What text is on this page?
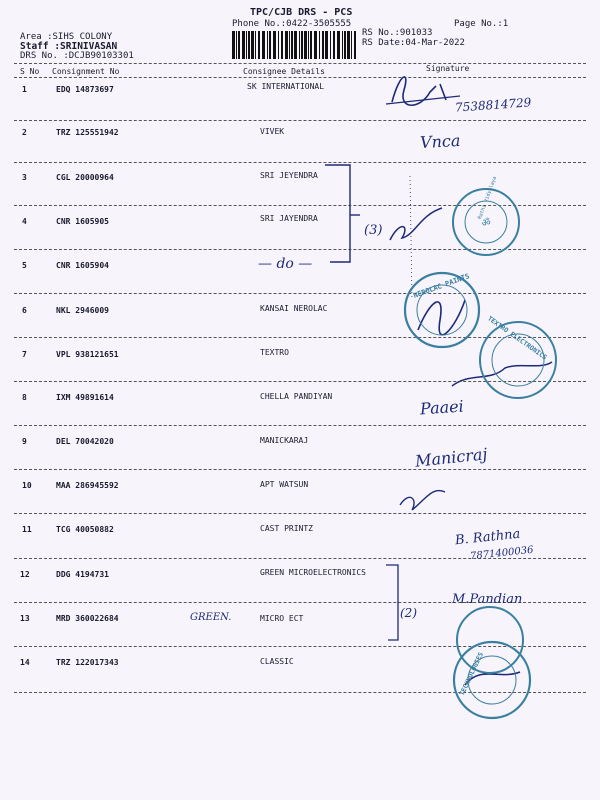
TPC/CJB DRS - PCS
Phone No.:0422-3505555	Page No.:1
Area :SIHS COLONY
Staff :SRINIVASAN
DRS No. :DCJB90103301
RS No.:901033
RS Date:04-Mar-2022
S No Consignment No	Consignee Details	Signature
1	EDQ 14873697	SK INTERNATIONAL
2	TRZ 125551942	VIVEK
3	CGL 20000964	SRI JEYENDRA
4	CNR 1605905	SRI JAYENDRA
5	CNR 1605904
6	NKL 2946009	KANSAI NEROLAC
7	VPL 938121651	TEXTRO
8	IXM 49891614	CHELLA PANDIYAN
9	DEL 70042020	MANICKARAJ
10	MAA 286945592	APT WATSUN
11	TCG 40050882	CAST PRINTZ
12	DDG 4194731	GREEN MICROELECTRONICS
13	MRD 360022684	MICRO ECT
14	TRZ 122017343	CLASSIC
ॐ
Rathi Vidyalaya
NEROLAC PAINTS
TEXTRO ELECTRONICS
TECHNOLOGIES
7538814729
Vnca
(3)
— do —
Paaei
Manicraj
B. Rathna
7871400036
GREEN.	(2)
M.Pandian
